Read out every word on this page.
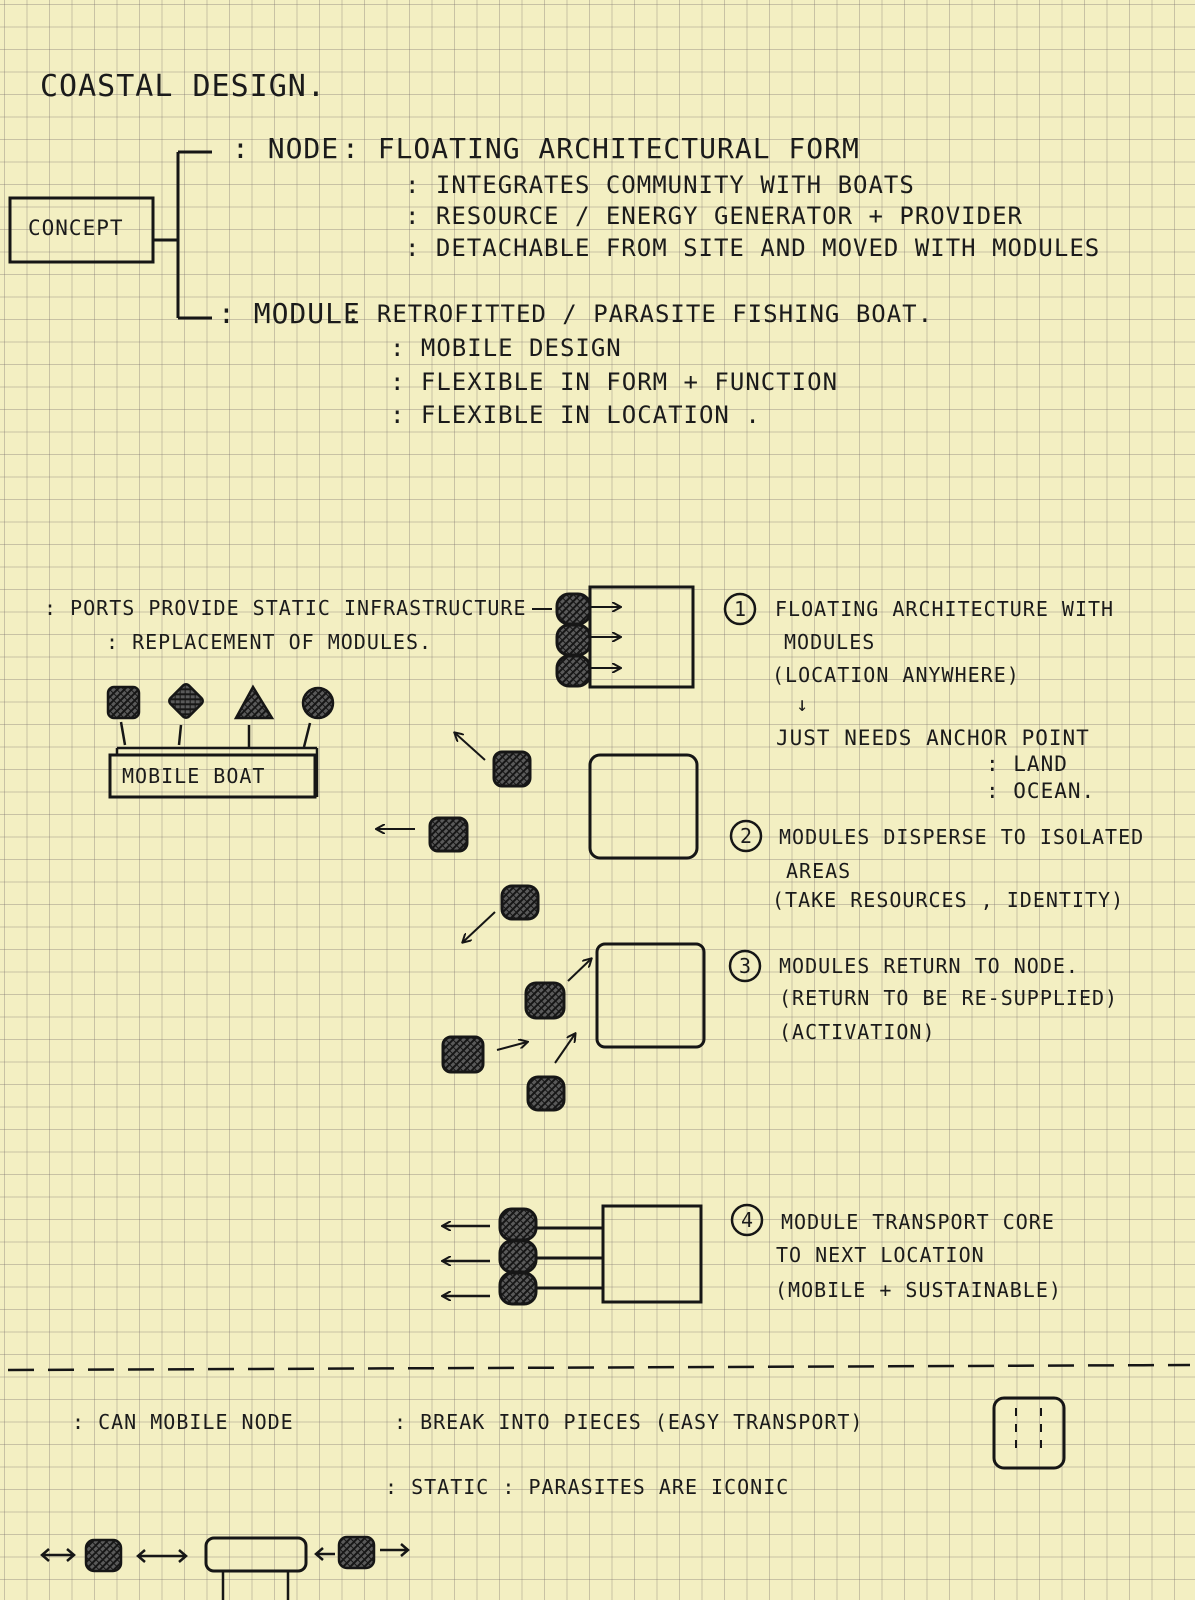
COASTAL DESIGN.
CONCEPT
: NODE : FLOATING ARCHITECTURAL FORM
: INTEGRATES COMMUNITY WITH BOATS
: RESOURCE / ENERGY GENERATOR + PROVIDER
: DETACHABLE FROM SITE AND MOVED WITH MODULES
: MODULE
: RETROFITTED / PARASITE FISHING BOAT.
: MOBILE DESIGN
: FLEXIBLE IN FORM + FUNCTION
: FLEXIBLE IN LOCATION .
: PORTS PROVIDE STATIC INFRASTRUCTURE
: REPLACEMENT OF MODULES.
MOBILE BOAT
1 FLOATING ARCHITECTURE WITH
MODULES
(LOCATION ANYWHERE)
↓
JUST NEEDS ANCHOR POINT
: LAND
: OCEAN.
2 MODULES DISPERSE TO ISOLATED
AREAS
(TAKE RESOURCES , IDENTITY)
3 MODULES RETURN TO NODE.
(RETURN TO BE RE-SUPPLIED)
(ACTIVATION)
4 MODULE TRANSPORT CORE
TO NEXT LOCATION
(MOBILE + SUSTAINABLE)
: CAN MOBILE NODE	: BREAK INTO PIECES (EASY TRANSPORT)
: STATIC : PARASITES ARE ICONIC
